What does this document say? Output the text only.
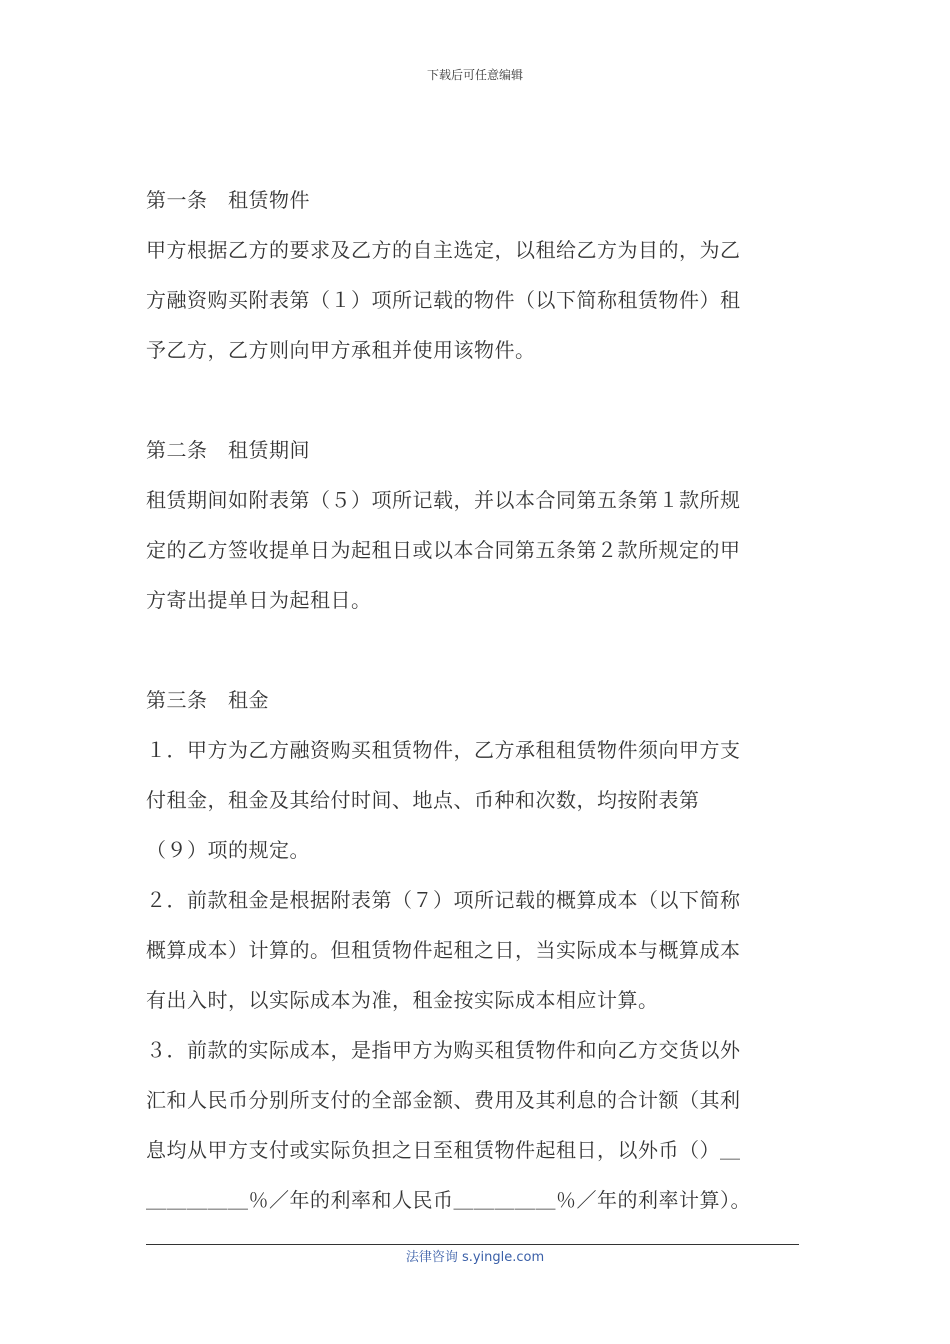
下载后可任意编辑
第一条　租赁物件
甲方根据乙方的要求及乙方的自主选定，以租给乙方为目的，为乙
方融资购买附表第（１）项所记载的物件（以下简称租赁物件）租
予乙方，乙方则向甲方承租并使用该物件。
第二条　租赁期间
租赁期间如附表第（５）项所记载，并以本合同第五条第１款所规
定的乙方签收提单日为起租日或以本合同第五条第２款所规定的甲
方寄出提单日为起租日。
第三条　租金
１．甲方为乙方融资购买租赁物件，乙方承租租赁物件须向甲方支
付租金，租金及其给付时间、地点、币种和次数，均按附表第
（９）项的规定。
２．前款租金是根据附表第（７）项所记载的概算成本（以下简称
概算成本）计算的。但租赁物件起租之日，当实际成本与概算成本
有出入时，以实际成本为准，租金按实际成本相应计算。
３．前款的实际成本，是指甲方为购买租赁物件和向乙方交货以外
汇和人民币分别所支付的全部金额、费用及其利息的合计额（其利
息均从甲方支付或实际负担之日至租赁物件起租日，以外币（）＿
＿＿＿＿＿％／年的利率和人民币＿＿＿＿＿％／年的利率计算）。
法律咨询 s.yingle.com
